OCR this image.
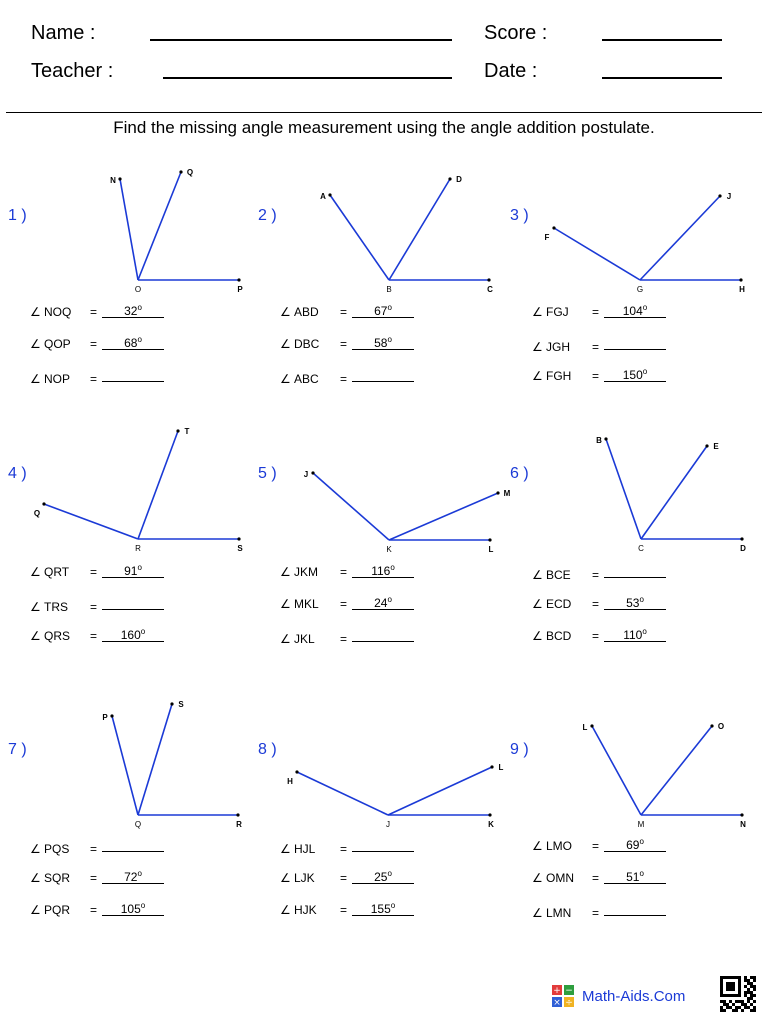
Name :
Teacher :
Score :
Date :
Find the missing angle measurement using the angle addition postulate.
1 )
N
Q
O	P
∠ NOQ = $32^o$
∠ QOP = $68^o$
∠ NOP =
2 )
A
D
B	C
∠ ABD = $67^o$
∠ DBC = $58^o$
∠ ABC =
3 )
F
J
G	H
∠ FGJ = $104^o$
∠ JGH =
∠ FGH = $150^o$
4 )
Q
T
R	S
∠ QRT = $91^o$
∠ TRS =
∠ QRS = $160^o$
5 )	J
M
K	L
∠ JKM = $116^o$
∠ MKL = $24^o$
∠ JKL =
6 )
B
E
C	D
∠ BCE =
∠ ECD = $53^o$
∠ BCD = $110^o$
7 )
P
S
Q	R
∠ PQS =
∠ SQR = $72^o$
∠ PQR = $105^o$
8 )
H
L
J	K
∠ HJL =
∠ LJK = $25^o$
∠ HJK = $155^o$
9 )
L	O
M	N
∠ LMO = $69^o$
∠ OMN = $51^o$
∠ LMN =
+ −
× ÷ Math-Aids.Com
